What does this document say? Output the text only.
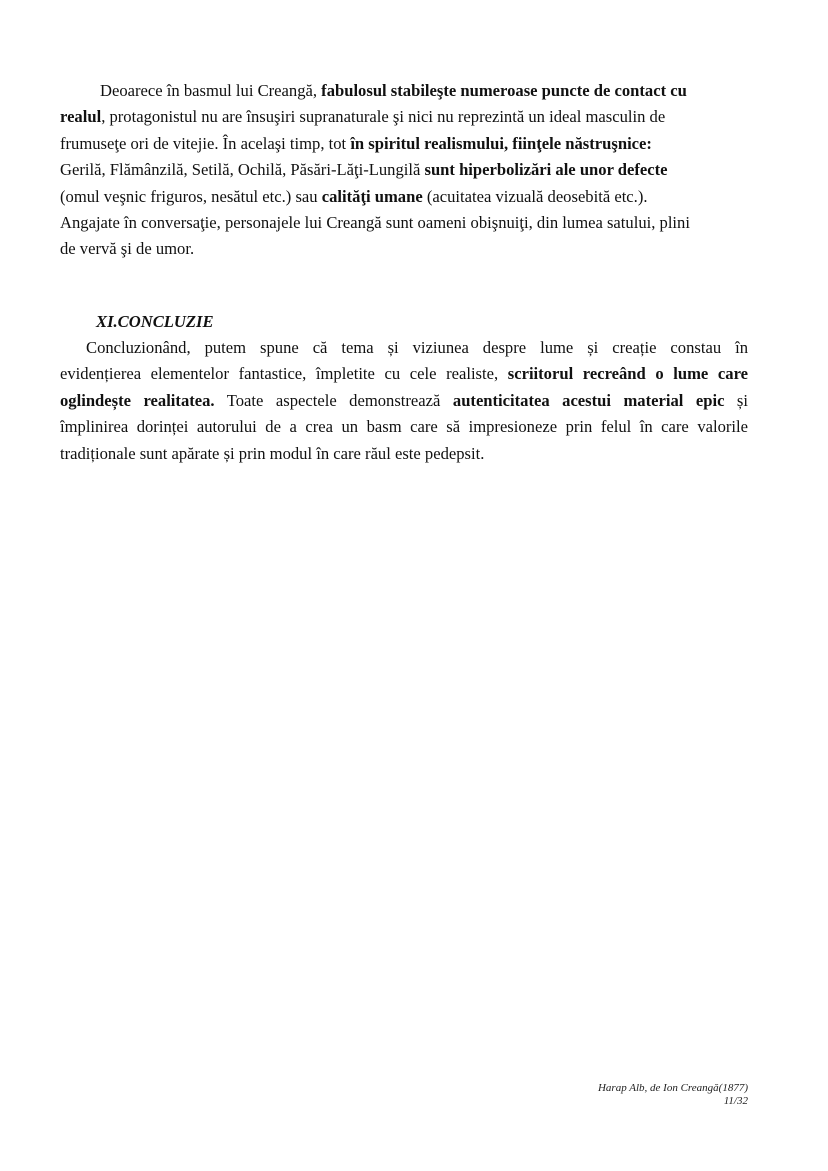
Deoarece în basmul lui Creangă, fabulosul stabileşte numeroase puncte de contact cu
realul, protagonistul nu are însuşiri supranaturale şi nici nu reprezintă un ideal masculin de
frumuseţe ori de vitejie. În acelaşi timp, tot în spiritul realismului, fiinţele năstruşnice:
Gerilă, Flămânzilă, Setilă, Ochilă, Păsări-Lăţi-Lungilă sunt hiperbolizări ale unor defecte
(omul veşnic friguros, nesătul etc.) sau calităţi umane (acuitatea vizuală deosebită etc.).
Angajate în conversaţie, personajele lui Creangă sunt oameni obişnuiţi, din lumea satului, plini
de vervă şi de umor.
XI.CONCLUZIE
Concluzionând, putem spune că tema și viziunea despre lume și creație constau în
evidențierea elementelor fantastice, împletite cu cele realiste, scriitorul recreând o lume care
oglindește realitatea. Toate aspectele demonstrează autenticitatea acestui material epic și
împlinirea dorinței autorului de a crea un basm care să impresioneze prin felul în care valorile
tradiționale sunt apărate și prin modul în care răul este pedepsit.
Harap Alb, de Ion Creangă(1877)
11/32
